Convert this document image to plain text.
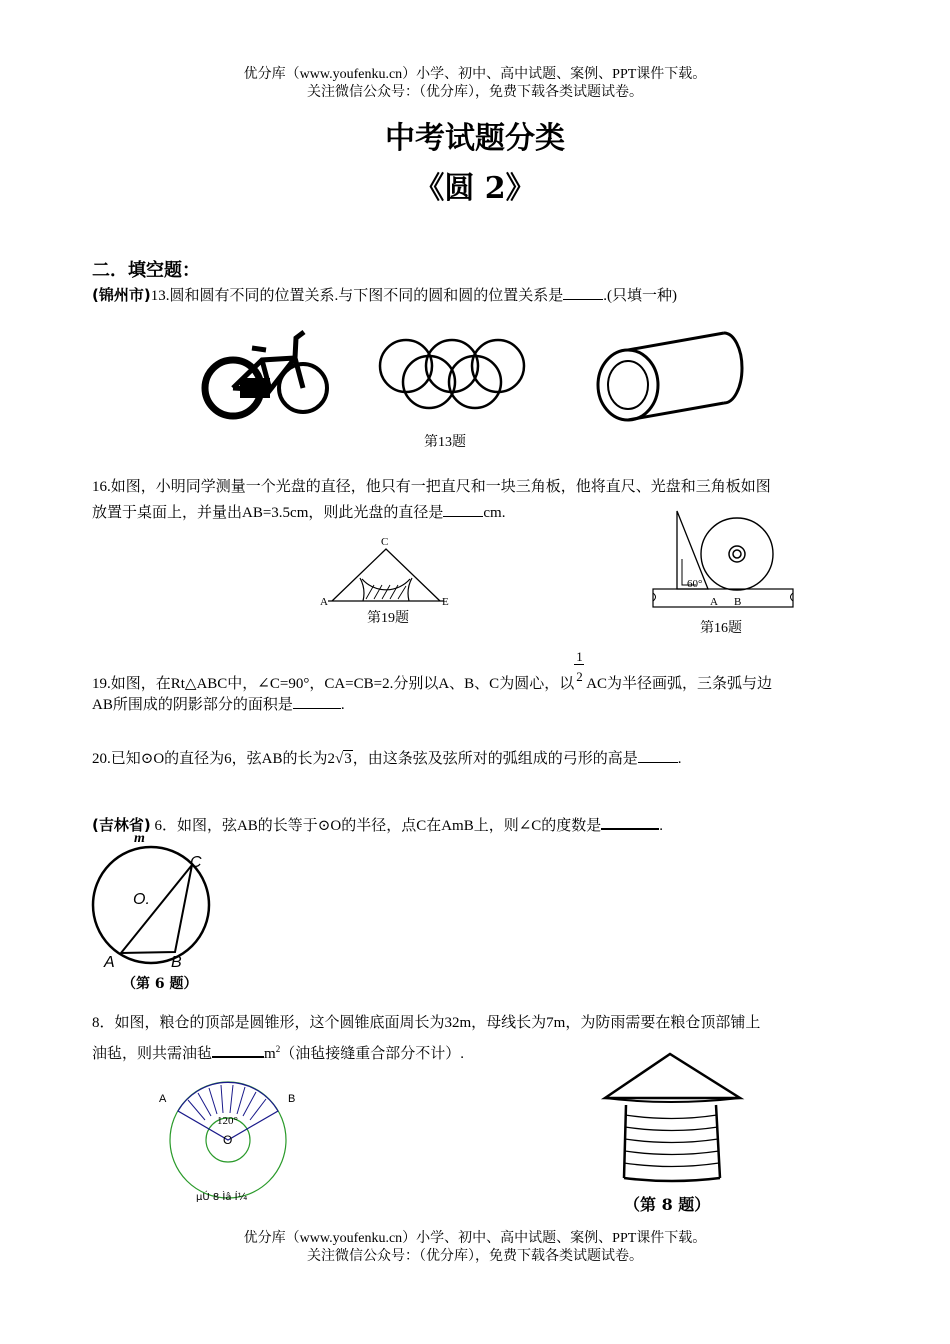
优分库（www.youfenku.cn）小学、初中、高中试题、案例、PPT课件下载。
关注微信公众号：（优分库），免费下载各类试题试卷。
中考试题分类
《圆 2》
二．填空题：
(锦州市)13.圆和圆有不同的位置关系.与下图不同的圆和圆的位置关系是	.(只填一种)
第13题
16.如图，小明同学测量一个光盘的直径，他只有一把直尺和一块三角板，他将直尺、光盘和三角板如图
放置于桌面上，并量出AB=3.5cm，则此光盘的直径是	cm.
A	E
C
第19题
60°
A B
第16题
19.如图，在Rt△ABC中，∠C=90°，CA=CB=2.分别以A、B、C为圆心，以 $\frac{1}{2}$ AC为半径画弧，三条弧与边
AB所围成的阴影部分的面积是	.
20.已知⊙O的直径为6，弦AB的长为2√3，由这条弦及弦所对的弧组成的弓形的高是	.
(吉林省) 6．如图，弦AB的长等于⊙O的半径，点C在AmB上，则∠C的度数是	.
m
C
O.
A	B
（第 6 题）
8．如图，粮仓的顶部是圆锥形，这个圆锥底面周长为32m，母线长为7m，为防雨需要在粮仓顶部铺上
油毡，则共需油毡	$m^2$（油毡接缝重合部分不计）.
A	B
120°
O
µÚ 8 Ìâ Í¼	（第 8 题）
优分库（www.youfenku.cn）小学、初中、高中试题、案例、PPT课件下载。
关注微信公众号：（优分库），免费下载各类试题试卷。
